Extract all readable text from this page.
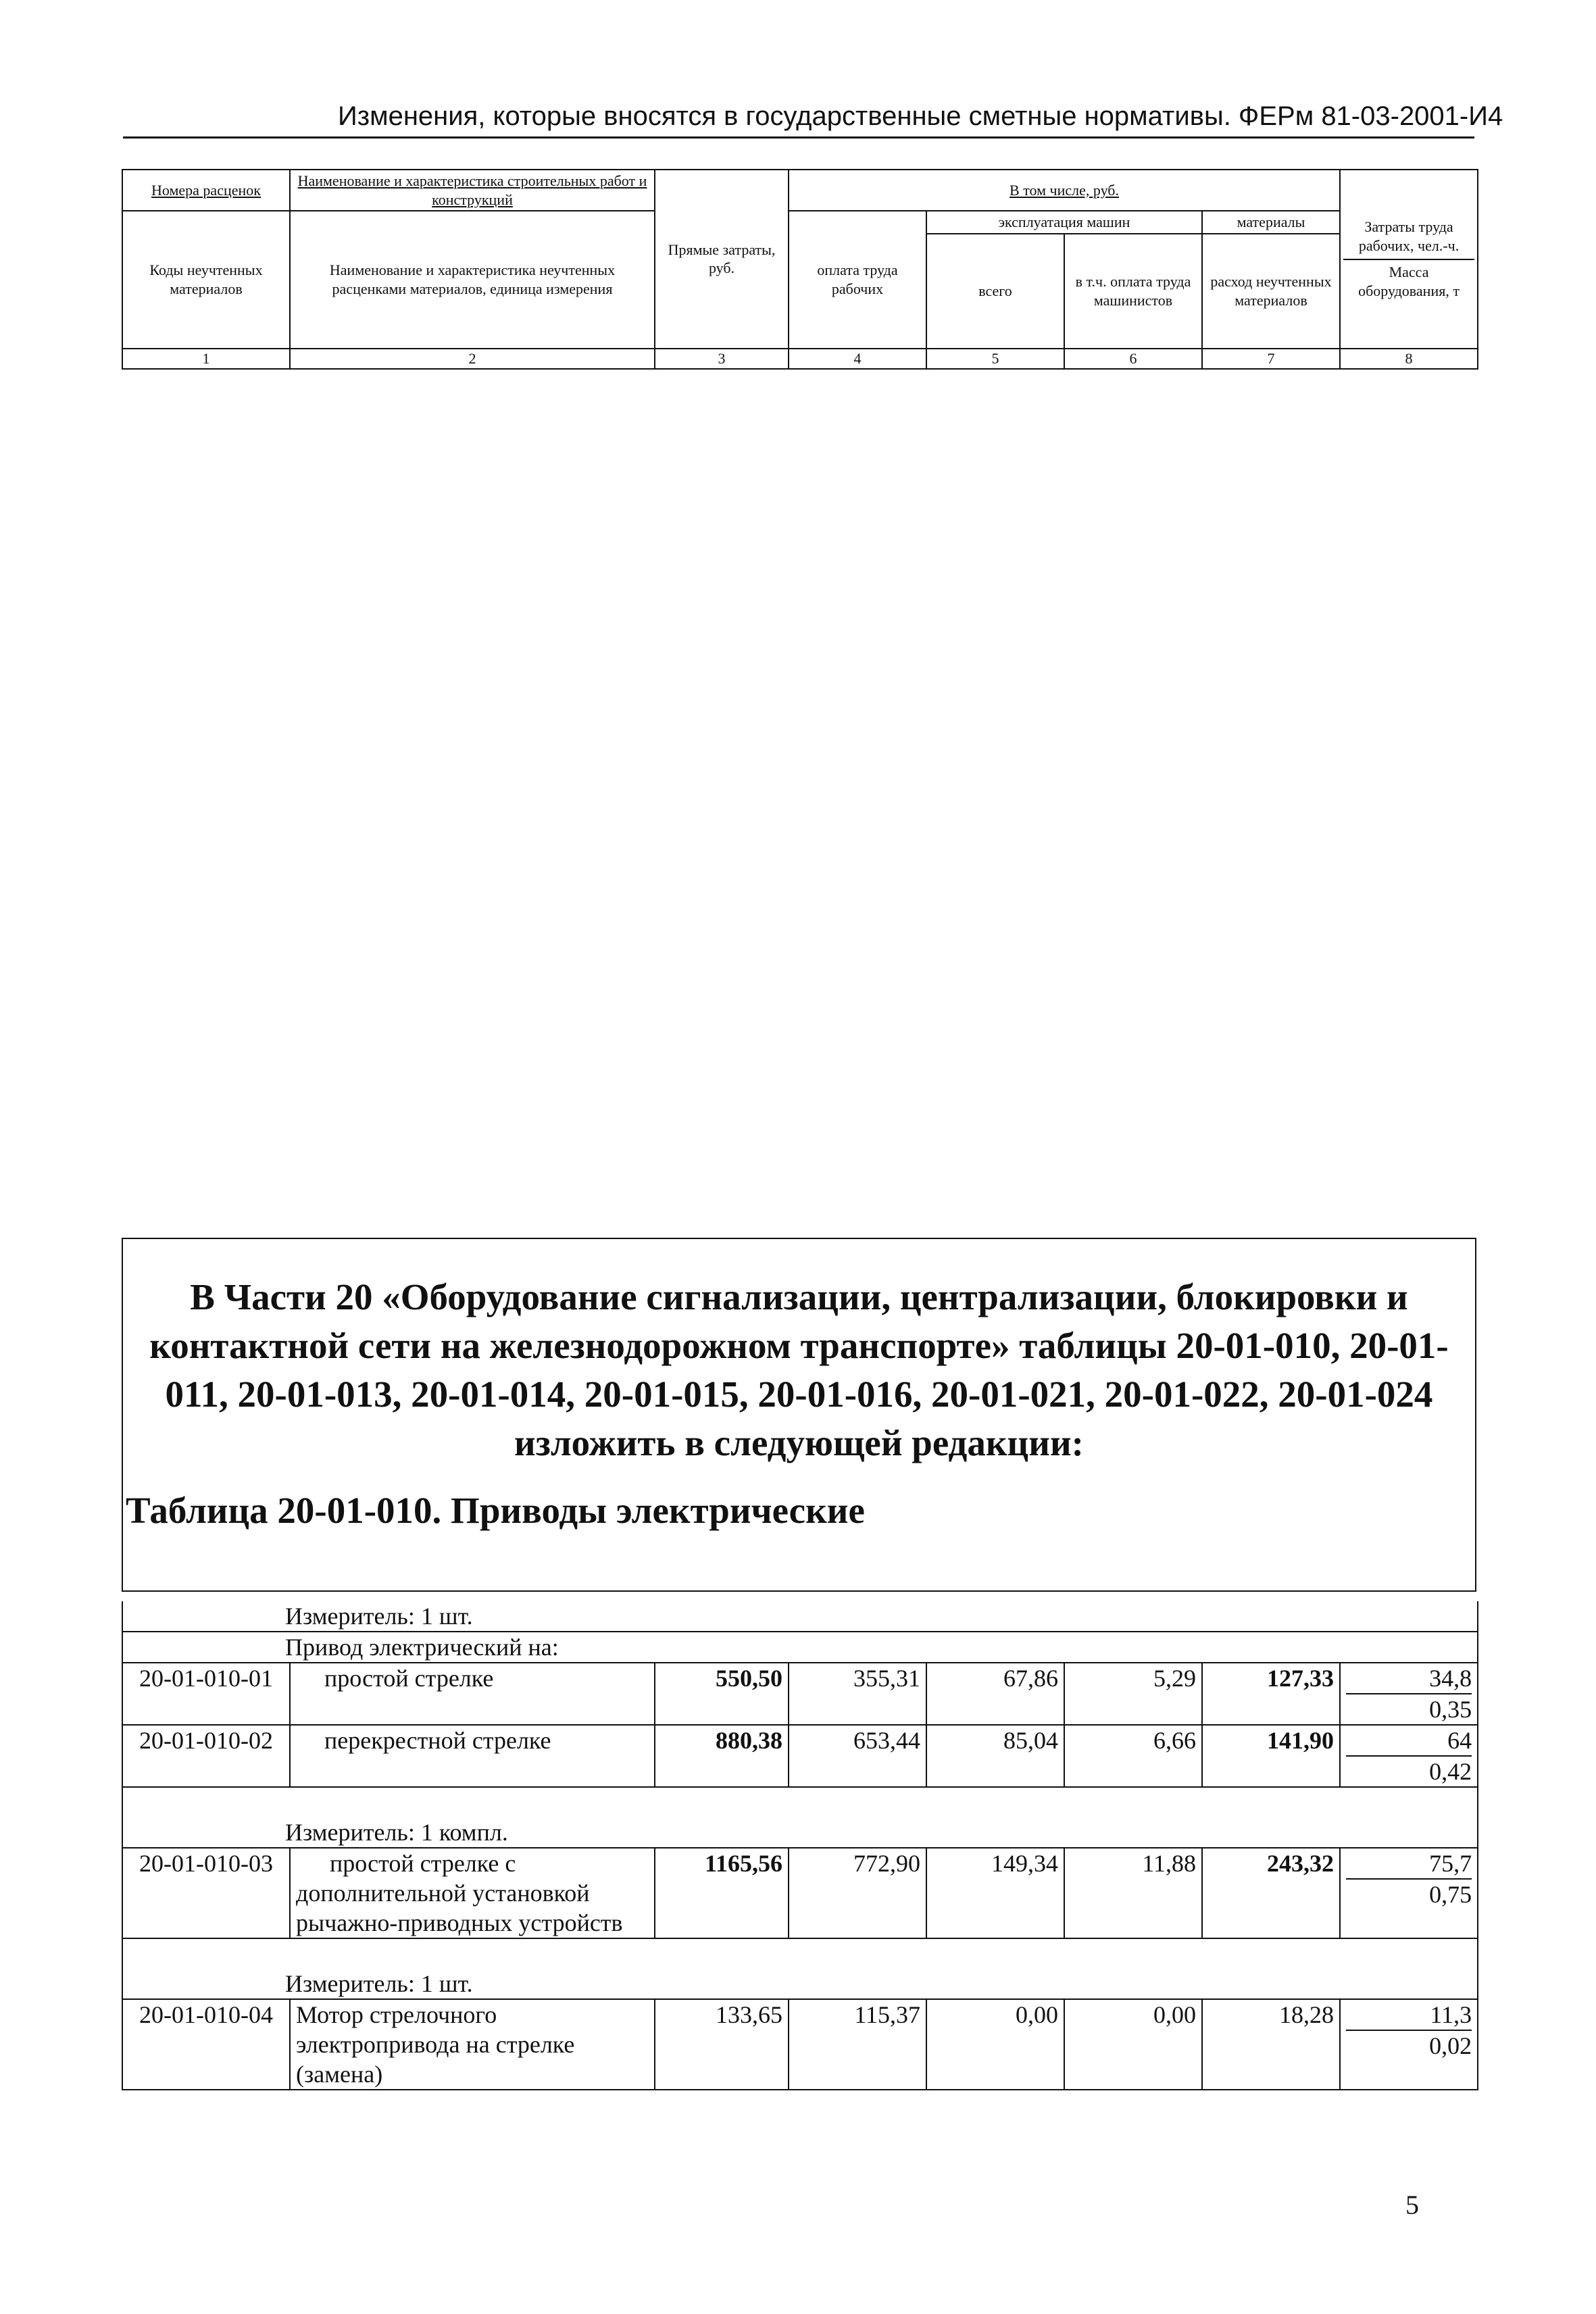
Изменения, которые вносятся в государственные сметные нормативы. ФЕРм 81-03-2001-И4
Номера расценок	Наименование и характеристика строительных работ и конструкций	Прямые затраты, руб.	В том числе, руб.				Затраты труда рабочих, чел.-ч.
Масса оборудования, т

Коды неучтенных материалов	Наименование и характеристика неучтенных расценками материалов, единица измерения		оплата труда рабочих	эксплуатация машин		материалы	
				всего	в т.ч. оплата труда машинистов	расход неучтенных материалов	
1	2	3	4	5	6	7	8
В Части 20 «Оборудование сигнализации, централизации, блокировки и контактной сети на железнодорожном транспорте» таблицы 20-01-010, 20-01-011, 20-01-013, 20-01-014, 20-01-015, 20-01-016, 20-01-021, 20-01-022, 20-01-024 изложить в следующей редакции:
Таблица 20-01-010. Приводы электрические
Измеритель: 1 шт.							
Привод электрический на:							
20-01-010-01	простой стрелке	550,50	355,31	67,86	5,29	127,33	34,8
0,35

20-01-010-02	перекрестной стрелке	880,38	653,44	85,04	6,66	141,90	64
0,42

Измеритель: 1 компл.							
20-01-010-03	простой стрелке с дополнительной установкой рычажно-приводных устройств	1165,56	772,90	149,34	11,88	243,32	75,7
0,75

Измеритель: 1 шт.							
20-01-010-04	Мотор стрелочного электропривода на стрелке (замена)	133,65	115,37	0,00	0,00	18,28	11,3
0,02
5
